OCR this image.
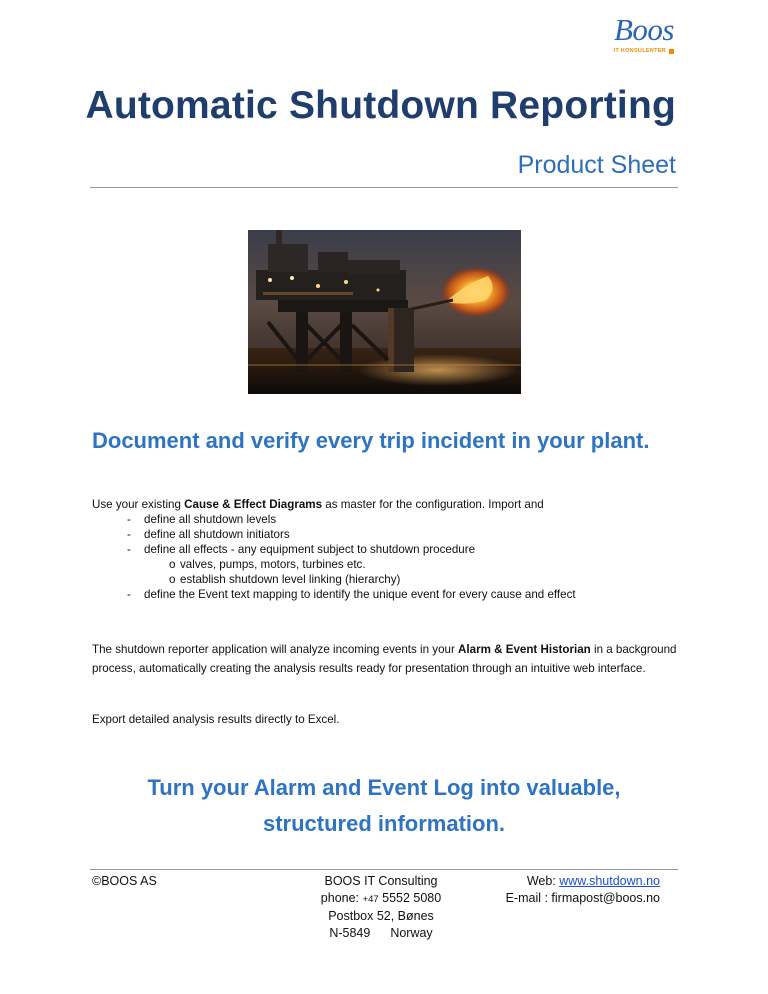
Boos
IT KONSULENTER
Automatic Shutdown Reporting
Product Sheet
Document and verify every trip incident in your plant.
Use your existing Cause & Effect Diagrams as master for the configuration. Import and
- define all shutdown levels
- define all shutdown initiators
- define all effects - any equipment subject to shutdown procedure
o valves, pumps, motors, turbines etc.
o establish shutdown level linking (hierarchy)
- define the Event text mapping to identify the unique event for every cause and effect
The shutdown reporter application will analyze incoming events in your Alarm & Event Historian in a background process, automatically creating the analysis results ready for presentation through an intuitive web interface.
Export detailed analysis results directly to Excel.
Turn your Alarm and Event Log into valuable,
structured information.
©BOOS AS	BOOS IT Consulting
phone: +47 5552 5080
Postbox 52, Bønes
N-5849 Norway
Web: www.shutdown.no
E-mail : firmapost@boos.no
